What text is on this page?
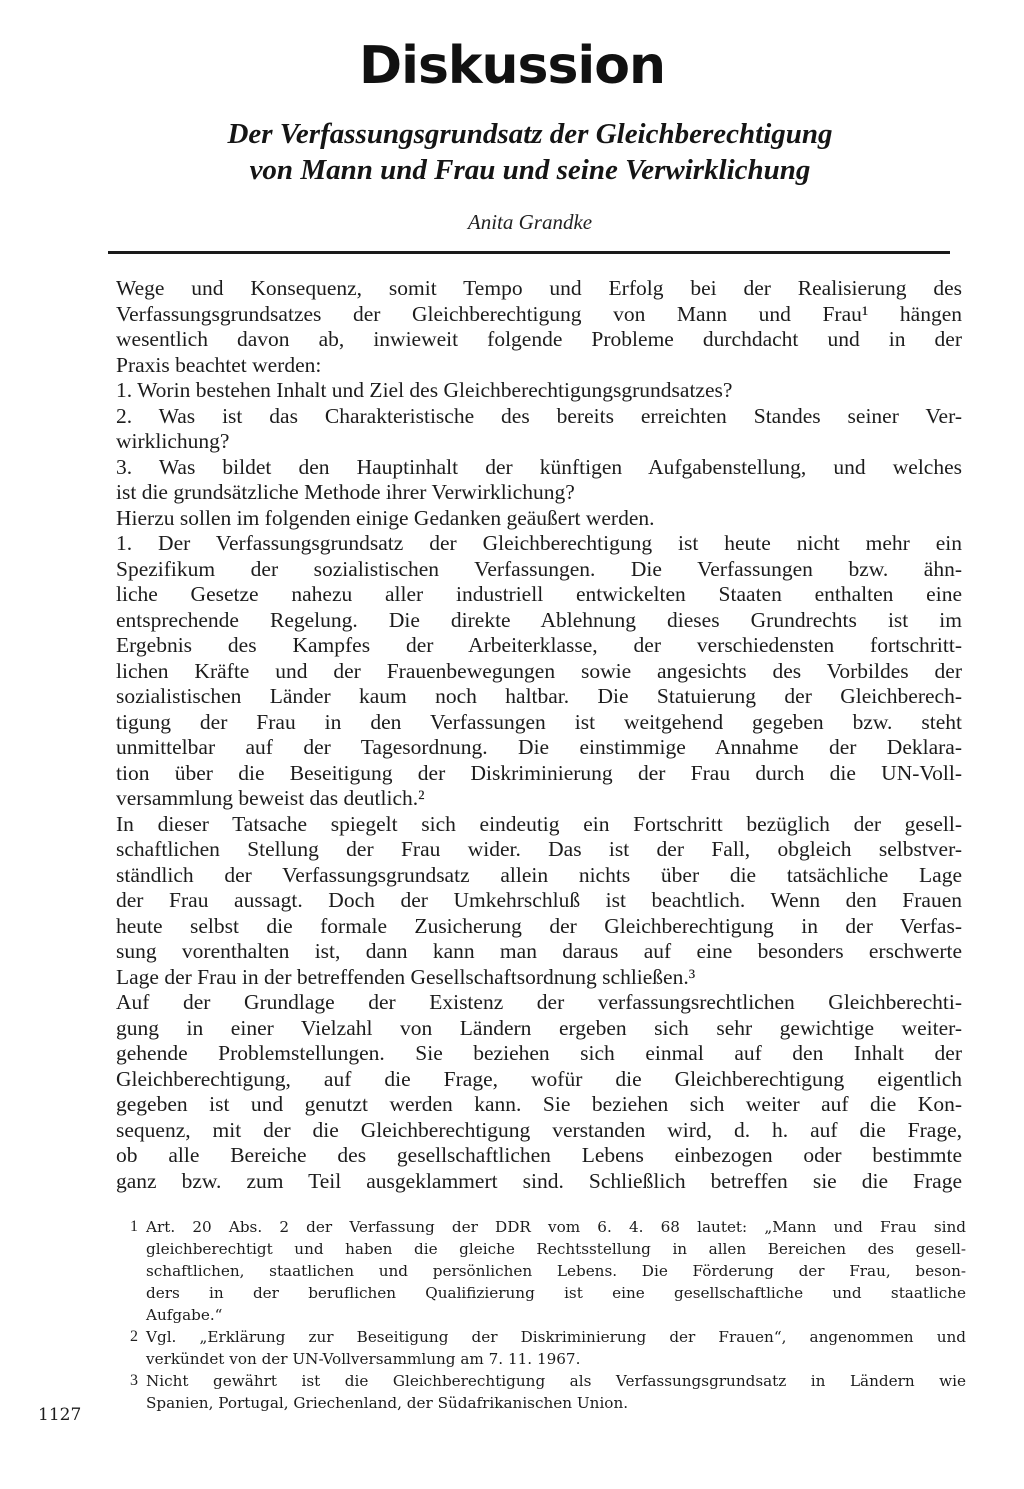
Diskussion
Der Verfassungsgrundsatz der Gleichberechtigung
von Mann und Frau und seine Verwirklichung
Anita Grandke
Wege und Konsequenz, somit Tempo und Erfolg bei der Realisierung des
Verfassungsgrundsatzes der Gleichberechtigung von Mann und Frau¹ hängen
wesentlich davon ab, inwieweit folgende Probleme durchdacht und in der
Praxis beachtet werden:
1. Worin bestehen Inhalt und Ziel des Gleichberechtigungsgrundsatzes?
2. Was ist das Charakteristische des bereits erreichten Standes seiner Ver-
wirklichung?
3. Was bildet den Hauptinhalt der künftigen Aufgabenstellung, und welches
ist die grundsätzliche Methode ihrer Verwirklichung?
Hierzu sollen im folgenden einige Gedanken geäußert werden.
1. Der Verfassungsgrundsatz der Gleichberechtigung ist heute nicht mehr ein
Spezifikum der sozialistischen Verfassungen. Die Verfassungen bzw. ähn-
liche Gesetze nahezu aller industriell entwickelten Staaten enthalten eine
entsprechende Regelung. Die direkte Ablehnung dieses Grundrechts ist im
Ergebnis des Kampfes der Arbeiterklasse, der verschiedensten fortschritt-
lichen Kräfte und der Frauenbewegungen sowie angesichts des Vorbildes der
sozialistischen Länder kaum noch haltbar. Die Statuierung der Gleichberech-
tigung der Frau in den Verfassungen ist weitgehend gegeben bzw. steht
unmittelbar auf der Tagesordnung. Die einstimmige Annahme der Deklara-
tion über die Beseitigung der Diskriminierung der Frau durch die UN-Voll-
versammlung beweist das deutlich.²
In dieser Tatsache spiegelt sich eindeutig ein Fortschritt bezüglich der gesell-
schaftlichen Stellung der Frau wider. Das ist der Fall, obgleich selbstver-
ständlich der Verfassungsgrundsatz allein nichts über die tatsächliche Lage
der Frau aussagt. Doch der Umkehrschluß ist beachtlich. Wenn den Frauen
heute selbst die formale Zusicherung der Gleichberechtigung in der Verfas-
sung vorenthalten ist, dann kann man daraus auf eine besonders erschwerte
Lage der Frau in der betreffenden Gesellschaftsordnung schließen.³
Auf der Grundlage der Existenz der verfassungsrechtlichen Gleichberechti-
gung in einer Vielzahl von Ländern ergeben sich sehr gewichtige weiter-
gehende Problemstellungen. Sie beziehen sich einmal auf den Inhalt der
Gleichberechtigung, auf die Frage, wofür die Gleichberechtigung eigentlich
gegeben ist und genutzt werden kann. Sie beziehen sich weiter auf die Kon-
sequenz, mit der die Gleichberechtigung verstanden wird, d. h. auf die Frage,
ob alle Bereiche des gesellschaftlichen Lebens einbezogen oder bestimmte
ganz bzw. zum Teil ausgeklammert sind. Schließlich betreffen sie die Frage
1 Art. 20 Abs. 2 der Verfassung der DDR vom 6. 4. 68 lautet: „Mann und Frau sind
gleichberechtigt und haben die gleiche Rechtsstellung in allen Bereichen des gesell-
schaftlichen, staatlichen und persönlichen Lebens. Die Förderung der Frau, beson-
ders in der beruflichen Qualifizierung ist eine gesellschaftliche und staatliche
Aufgabe.“
2 Vgl. „Erklärung zur Beseitigung der Diskriminierung der Frauen“, angenommen und
verkündet von der UN-Vollversammlung am 7. 11. 1967.
3 Nicht gewährt ist die Gleichberechtigung als Verfassungsgrundsatz in Ländern wie
Spanien, Portugal, Griechenland, der Südafrikanischen Union.
1127
